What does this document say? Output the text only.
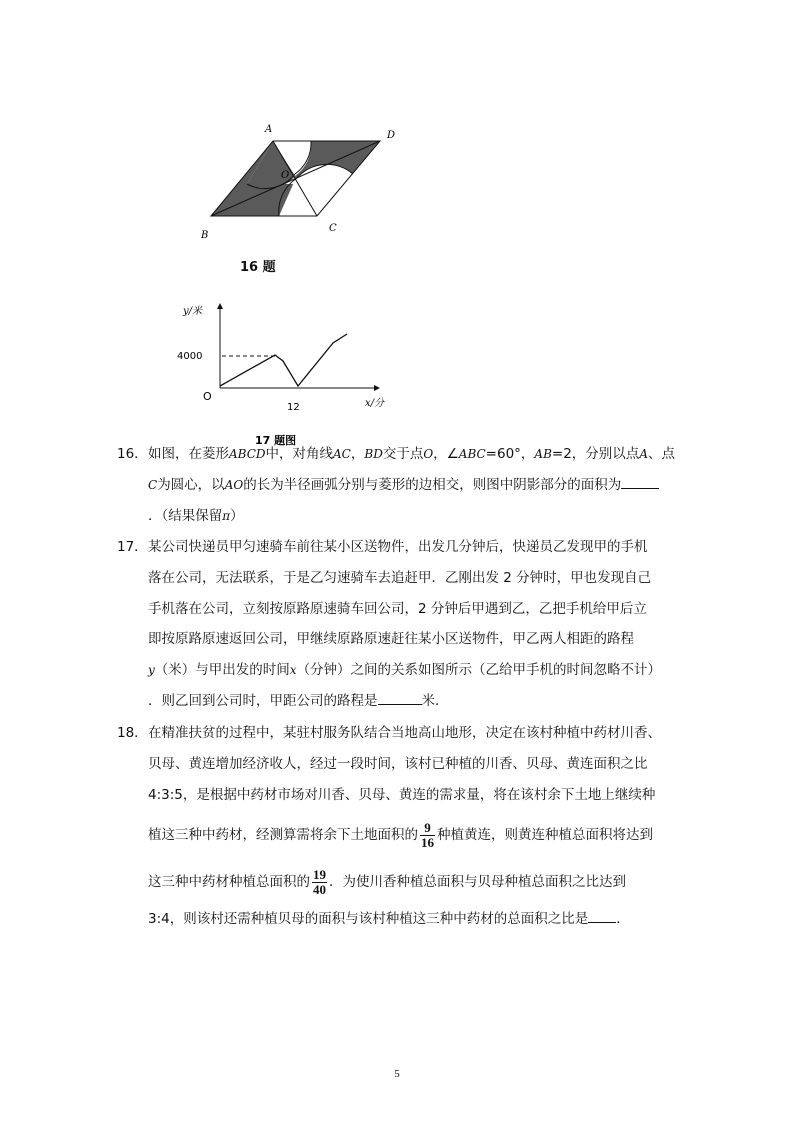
A
D
O
B
C
16 题
y/米
4000
O
12	x/分
17 题图
16． 如图，在菱形ABCD中，对角线AC，BD交于点O，∠ABC=60°，AB=2，分别以点A、点
C为圆心，以AO的长为半径画弧分别与菱形的边相交，则图中阴影部分的面积为
．（结果保留π）
17． 某公司快递员甲匀速骑车前往某小区送物件，出发几分钟后，快递员乙发现甲的手机
落在公司，无法联系，于是乙匀速骑车去追赶甲．乙刚出发 2 分钟时，甲也发现自己
手机落在公司，立刻按原路原速骑车回公司，2 分钟后甲遇到乙，乙把手机给甲后立
即按原路原速返回公司，甲继续原路原速赶往某小区送物件，甲乙两人相距的路程
y（米）与甲出发的时间x（分钟）之间的关系如图所示（乙给甲手机的时间忽略不计）
．则乙回到公司时，甲距公司的路程是	米．
18． 在精准扶贫的过程中，某驻村服务队结合当地高山地形，决定在该村种植中药材川香、
贝母、黄连增加经济收人，经过一段时间，该村已种植的川香、贝母、黄连面积之比
4:3:5，是根据中药材市场对川香、贝母、黄连的需求量，将在该村余下土地上继续种
植这三种中药材，经测算需将余下土地面积的 $\frac{9}{16}$ 种植黄连，则黄连种植总面积将达到
这三种中药材种植总面积的 $\frac{19}{40}$ ．为使川香种植总面积与贝母种植总面积之比达到
3:4，则该村还需种植贝母的面积与该村种植这三种中药材的总面积之比是 ．
5
